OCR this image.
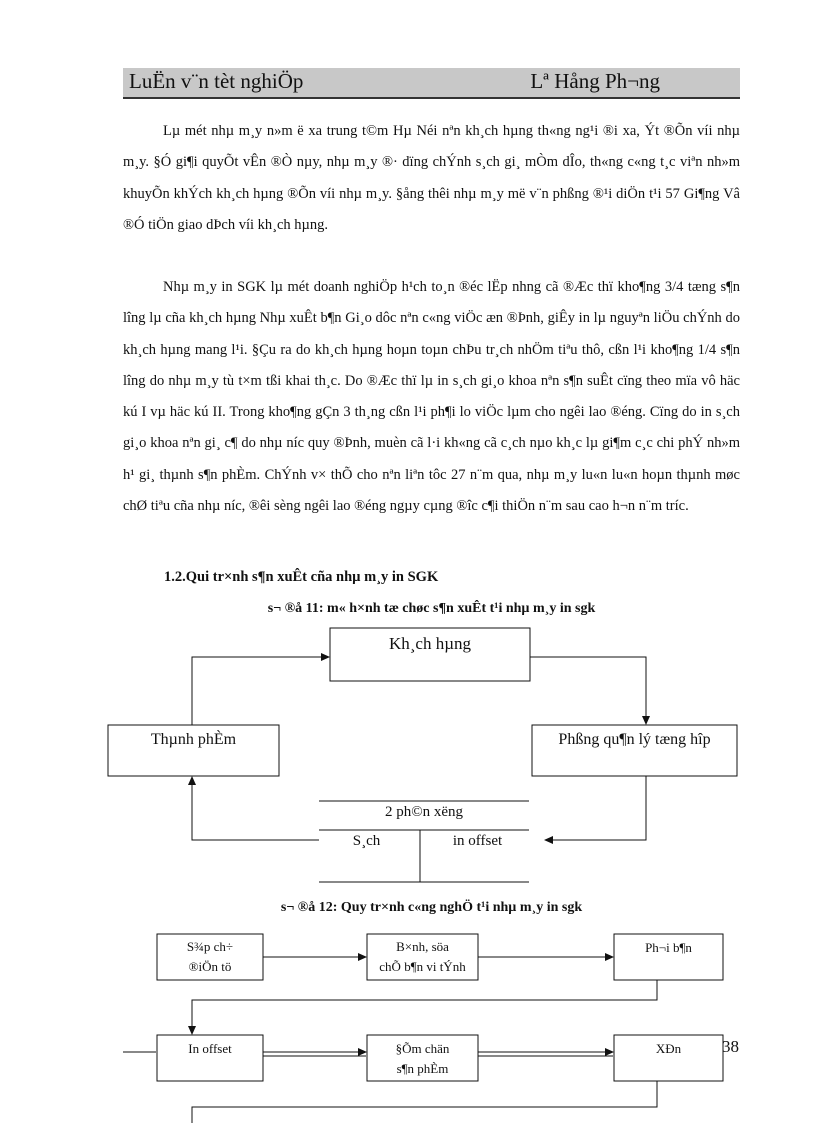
LuËn v¨n tèt nghiÖp	Lª Hång Ph¬ng

Lµ mét nhµ m¸y n»m ë xa trung t©m Hµ Néi nªn kh¸ch hµng th«ng ng¹i ®i xa, Ýt ®Õn víi nhµ m¸y. §Ó gi¶i quyÕt vÊn ®Ò nµy, nhµ m¸y ®· dïng chÝnh s¸ch gi¸ mÒm dÎo, th«ng c«ng t¸c viªn nh»m khuyÕn khÝch kh¸ch hµng ®Õn víi nhµ m¸y. §ång thêi nhµ m¸y më v¨n phßng ®¹i diÖn t¹i 57 Gi¶ng Vâ ®Ó tiÖn giao dÞch víi kh¸ch hµng.

Nhµ m¸y in SGK lµ mét doanh nghiÖp h¹ch to¸n ®éc lËp nhng cã ®Æc thï kho¶ng 3/4 tæng s¶n lîng lµ cña kh¸ch hµng Nhµ xuÊt b¶n Gi¸o dôc nªn c«ng viÖc æn ®Þnh, giÊy in lµ nguyªn liÖu chÝnh do kh¸ch hµng mang l¹i. §Çu ra do kh¸ch hµng hoµn toµn chÞu tr¸ch nhÖm tiªu thô, cßn l¹i kho¶ng 1/4 s¶n lîng do nhµ m¸y tù t×m tßi khai th¸c. Do ®Æc thï lµ in s¸ch gi¸o khoa nªn s¶n suÊt cïng theo mïa vô häc kú I vµ häc kú II. Trong kho¶ng gÇn 3 th¸ng cßn l¹i ph¶i lo viÖc lµm cho ngêi lao ®éng. Cïng do in s¸ch gi¸o khoa nªn gi¸ c¶ do nhµ níc quy ®Þnh, muèn cã l·i kh«ng cã c¸ch nµo kh¸c lµ gi¶m c¸c chi phÝ nh»m h¹ gi¸ thµnh s¶n phÈm. ChÝnh v× thÕ cho nªn liªn tôc 27 n¨m qua, nhµ m¸y lu«n lu«n hoµn thµnh møc chØ tiªu cña nhµ níc, ®êi sèng ngêi lao ®éng ngµy cµng ®îc c¶i thiÖn n¨m sau cao h¬n n¨m tríc.

1.2.Qui tr×nh s¶n xuÊt cña nhµ m¸y in SGK
s¬ ®å 11: m« h×nh tæ chøc s¶n xuÊt t¹i nhµ m¸y in sgk
Kh¸ch hµng
Thµnh phÈm	Phßng qu¶n lý tæng hîp
2 ph©n xëng
S¸ch	in offset
s¬ ®å 12: Quy tr×nh c«ng nghÖ t¹i nhµ m¸y in sgk
S¾p ch÷
®iÖn tö
B×nh, söa
chÕ b¶n vi tÝnh
Ph¬i b¶n
In offset	§Õm chän
s¶n phÈm
XÐn	38
